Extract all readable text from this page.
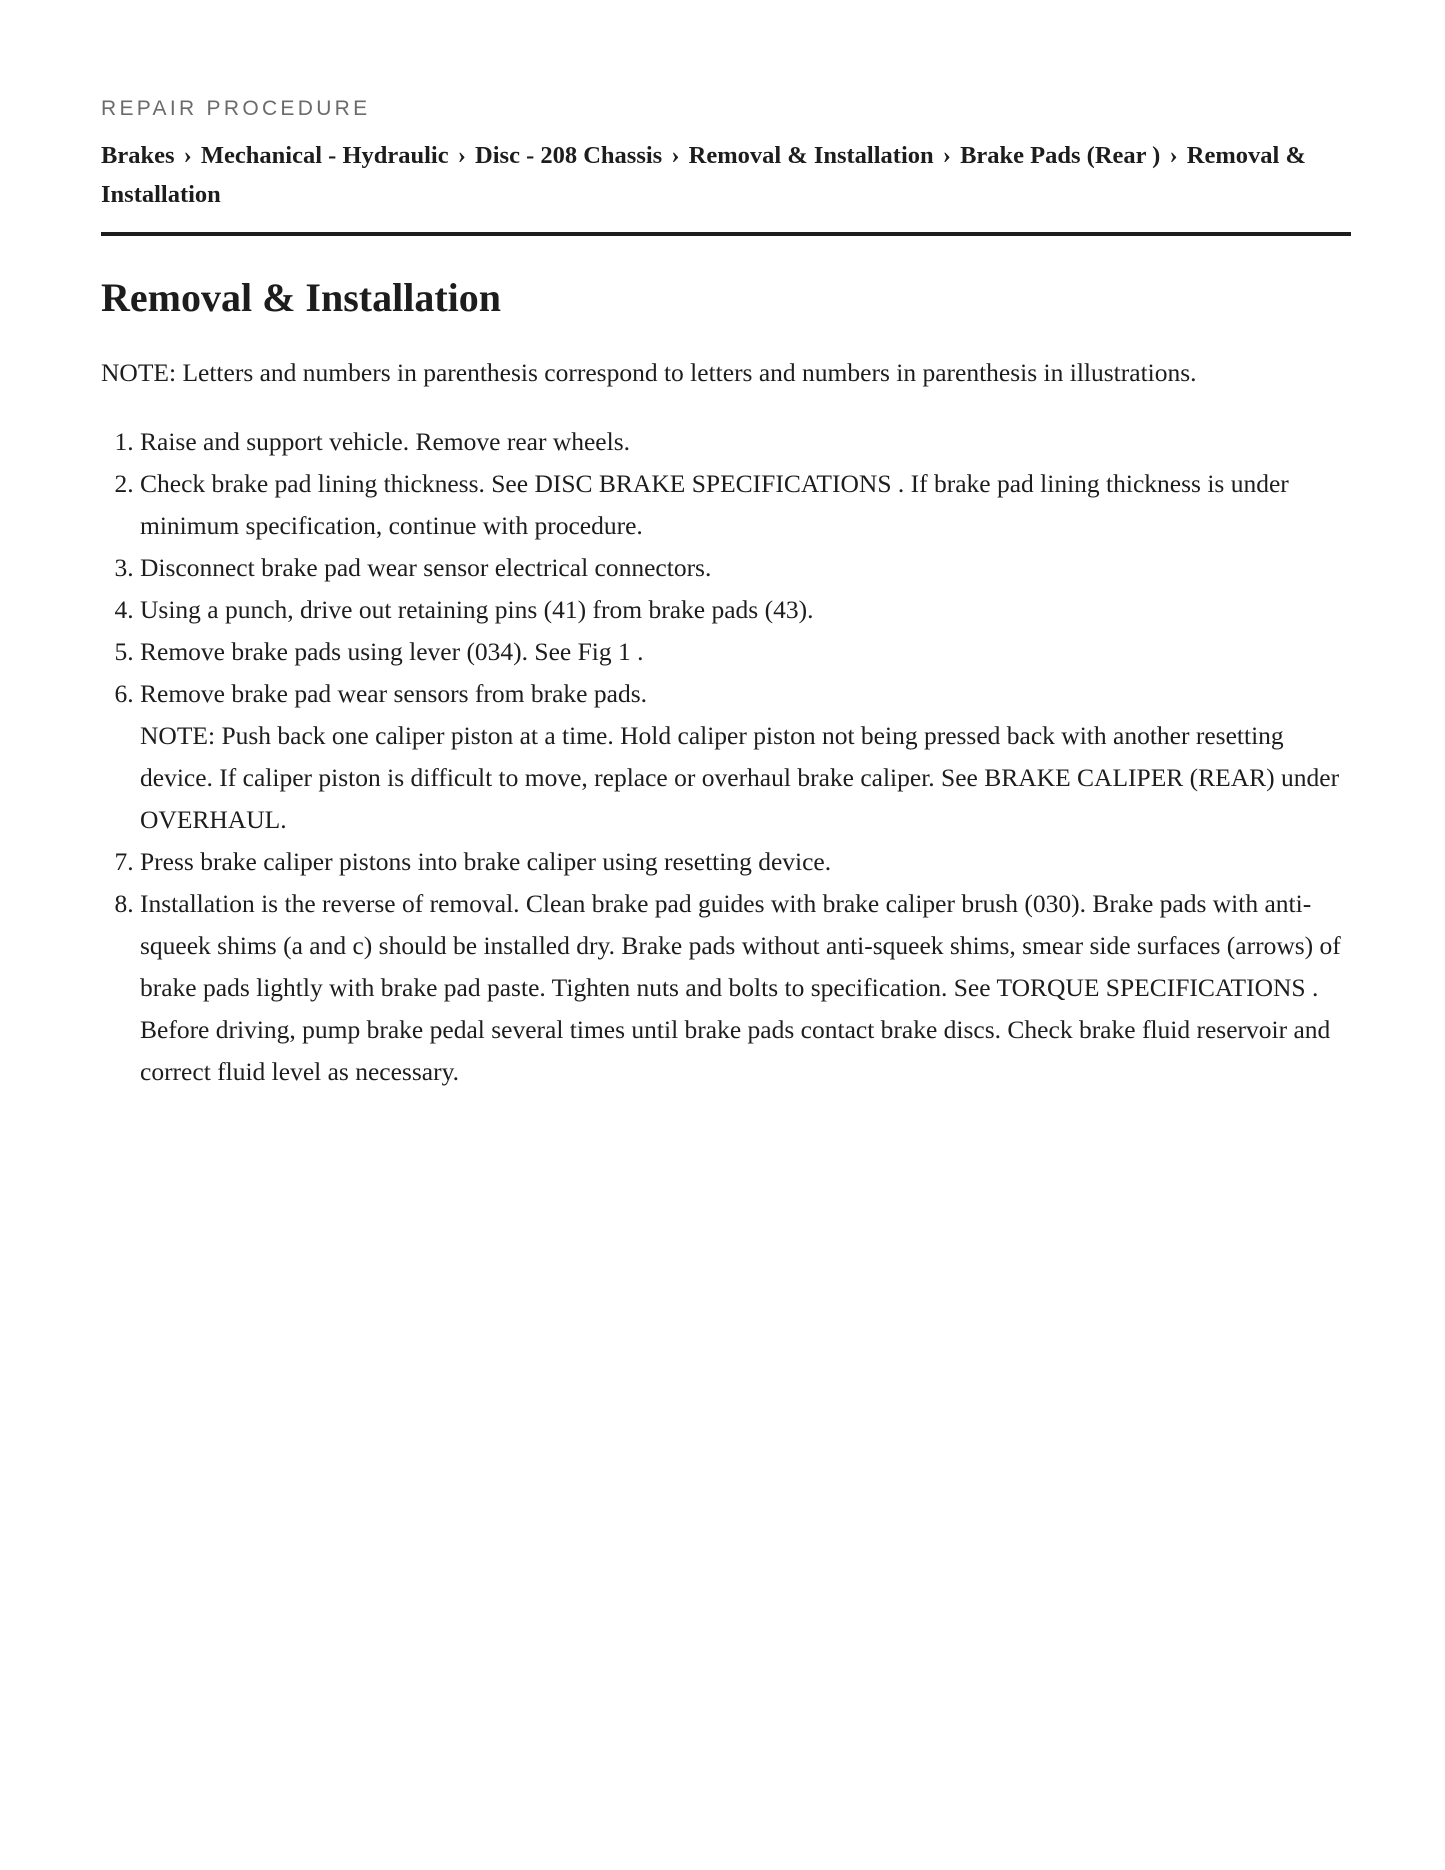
REPAIR PROCEDURE
Brakes › Mechanical - Hydraulic › Disc - 208 Chassis › Removal & Installation › Brake Pads (Rear ) › Removal & Installation
Removal & Installation
NOTE: Letters and numbers in parenthesis correspond to letters and numbers in parenthesis in illustrations.
1. Raise and support vehicle. Remove rear wheels.
2. Check brake pad lining thickness. See DISC BRAKE SPECIFICATIONS . If brake pad lining thickness is under minimum specification, continue with procedure.
3. Disconnect brake pad wear sensor electrical connectors.
4. Using a punch, drive out retaining pins (41) from brake pads (43).
5. Remove brake pads using lever (034). See Fig 1 .
6. Remove brake pad wear sensors from brake pads.
NOTE: Push back one caliper piston at a time. Hold caliper piston not being pressed back with another resetting device. If caliper piston is difficult to move, replace or overhaul brake caliper. See BRAKE CALIPER (REAR) under OVERHAUL.
7. Press brake caliper pistons into brake caliper using resetting device.
8. Installation is the reverse of removal. Clean brake pad guides with brake caliper brush (030). Brake pads with anti-squeek shims (a and c) should be installed dry. Brake pads without anti-squeek shims, smear side surfaces (arrows) of brake pads lightly with brake pad paste. Tighten nuts and bolts to specification. See TORQUE SPECIFICATIONS . Before driving, pump brake pedal several times until brake pads contact brake discs. Check brake fluid reservoir and correct fluid level as necessary.
